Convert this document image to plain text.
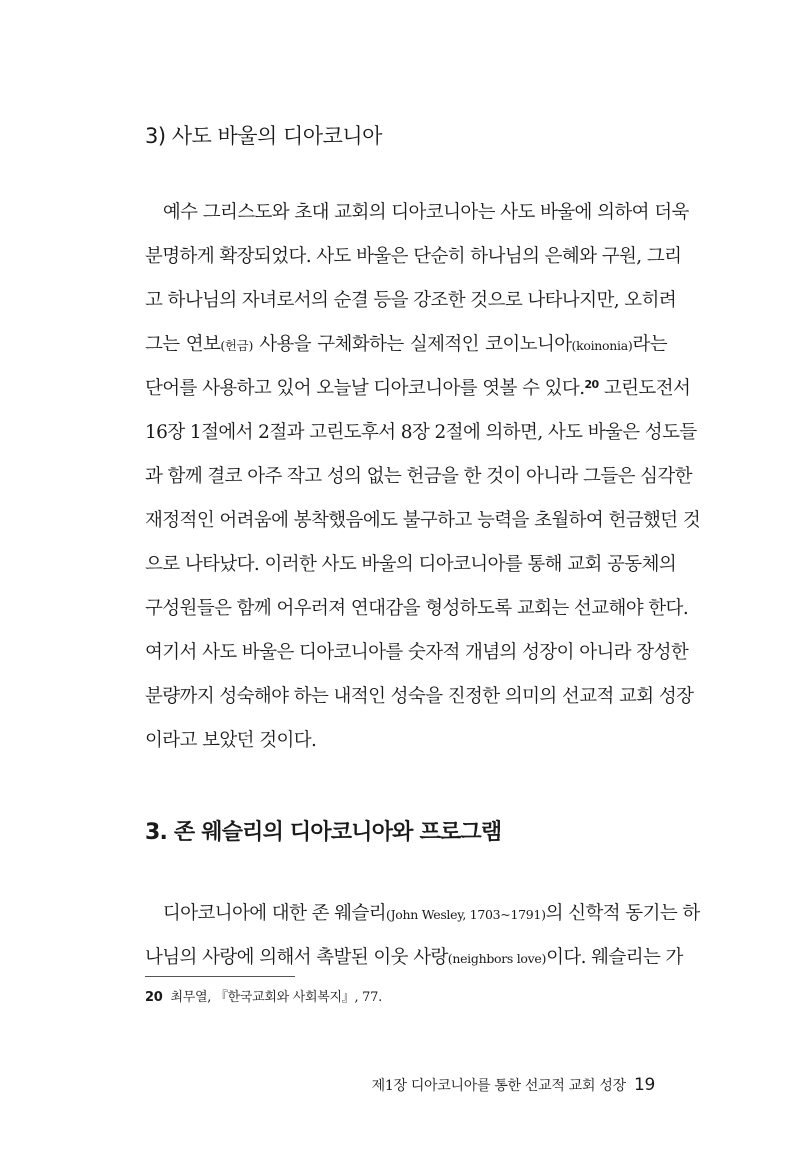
3) 사도 바울의 디아코니아

　예수 그리스도와 초대 교회의 디아코니아는 사도 바울에 의하여 더욱
분명하게 확장되었다. 사도 바울은 단순히 하나님의 은혜와 구원, 그리
고 하나님의 자녀로서의 순결 등을 강조한 것으로 나타나지만, 오히려
그는 연보(헌금) 사용을 구체화하는 실제적인 코이노니아(koinonia)라는
단어를 사용하고 있어 오늘날 디아코니아를 엿볼 수 있다.$^{20}$ 고린도전서
16장 1절에서 2절과 고린도후서 8장 2절에 의하면, 사도 바울은 성도들
과 함께 결코 아주 작고 성의 없는 헌금을 한 것이 아니라 그들은 심각한
재정적인 어려움에 봉착했음에도 불구하고 능력을 초월하여 헌금했던 것
으로 나타났다. 이러한 사도 바울의 디아코니아를 통해 교회 공동체의
구성원들은 함께 어우러져 연대감을 형성하도록 교회는 선교해야 한다.
여기서 사도 바울은 디아코니아를 숫자적 개념의 성장이 아니라 장성한
분량까지 성숙해야 하는 내적인 성숙을 진정한 의미의 선교적 교회 성장
이라고 보았던 것이다.

3. 존 웨슬리의 디아코니아와 프로그램

　디아코니아에 대한 존 웨슬리(John Wesley, 1703~1791)의 신학적 동기는 하
나님의 사랑에 의해서 촉발된 이웃 사랑(neighbors love)이다. 웨슬리는 가

20 최무열, 『한국교회와 사회복지』, 77.
제1장 디아코니아를 통한 선교적 교회 성장 19
